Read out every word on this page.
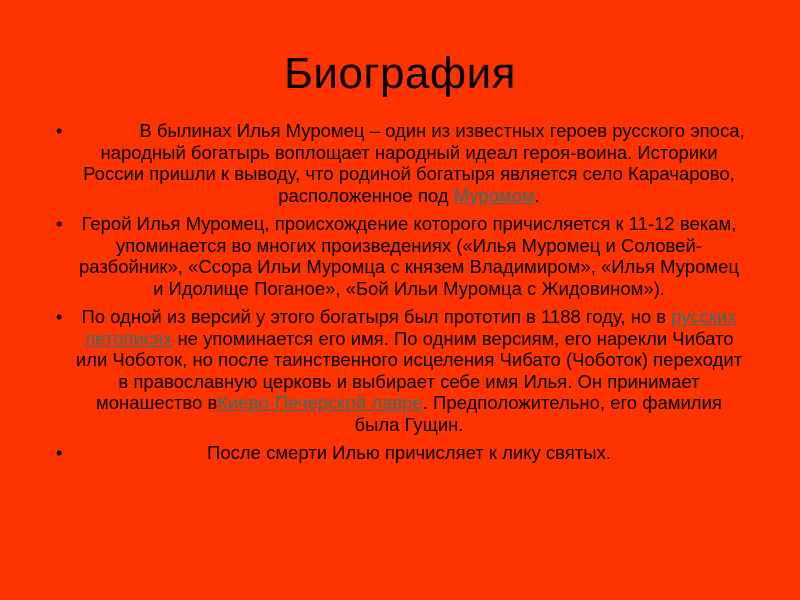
Биография
•	В былинах Илья Муромец – один из известных героев русского эпоса, народный богатырь воплощает народный идеал героя-воина. Историки России пришли к выводу, что родиной богатыря является село Карачарово, расположенное под Муромом.
•	Герой Илья Муромец, происхождение которого причисляется к 11-12 векам, упоминается во многих произведениях («Илья Муромец и Соловей-разбойник», «Ссора Ильи Муромца с князем Владимиром», «Илья Муромец и Идолище Поганое», «Бой Ильи Муромца с Жидовином»).
•	По одной из версий у этого богатыря был прототип в 1188 году, но в русских летописях не упоминается его имя. По одним версиям, его нарекли Чибато или Чоботок, но после таинственного исцеления Чибато (Чоботок) переходит в православную церковь и выбирает себе имя Илья. Он принимает монашество вКиево-Печерской лавре. Предположительно, его фамилия была Гущин.
•	После смерти Илью причисляет к лику святых.
